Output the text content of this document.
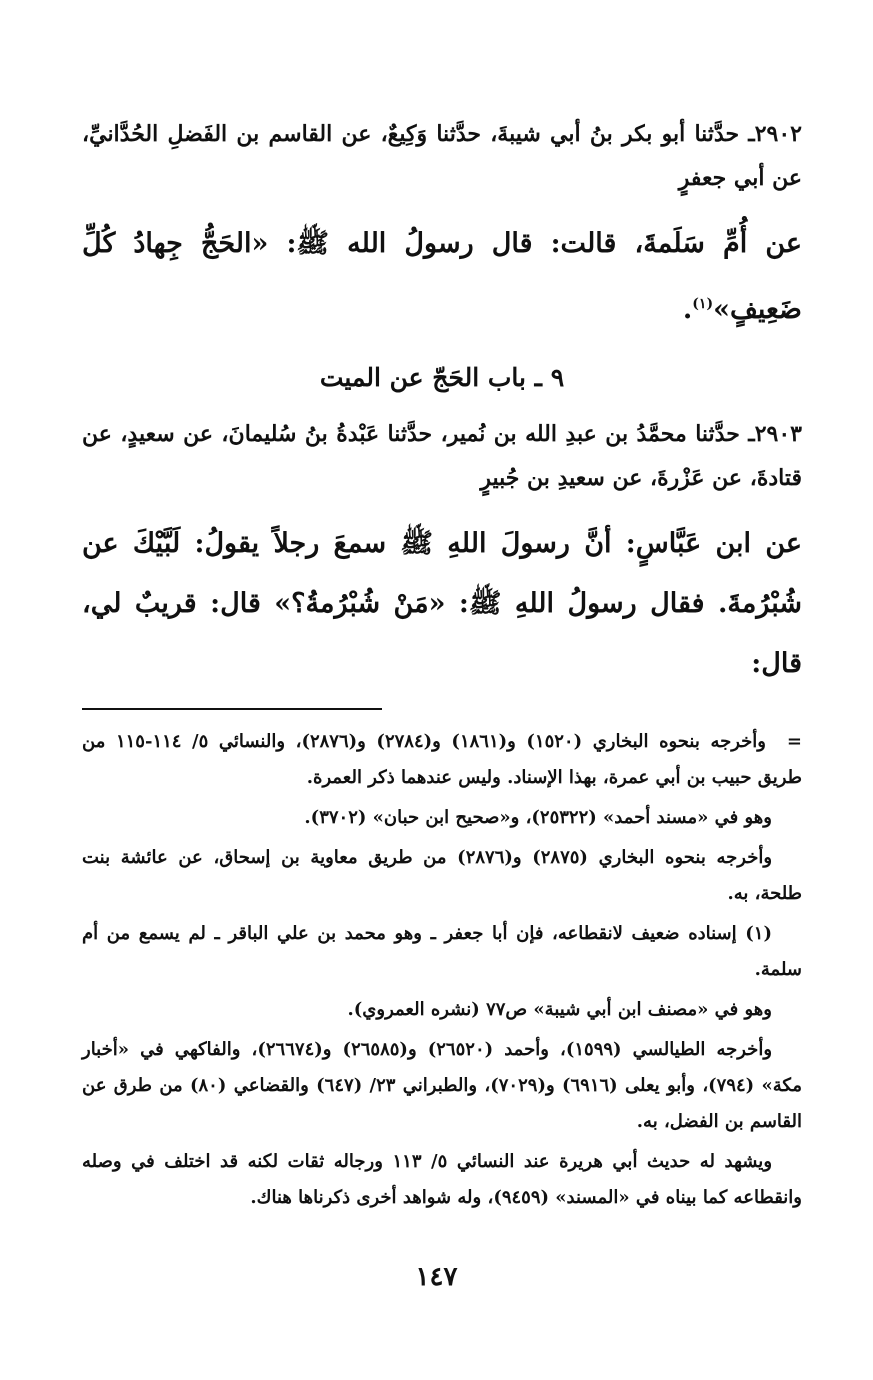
٢٩٠٢ـ حدَّثنا أبو بكر بنُ أبي شيبةَ، حدَّثنا وَكِيعٌ، عن القاسم بن الفَضلِ الحُدَّانيِّ، عن أبي جعفرٍ

عن أُمِّ سَلَمةَ، قالت: قال رسولُ الله ﷺ: «الحَجُّ جِهادُ كُلِّ ضَعِيفٍ»$^{(١)}$.

٩ ـ باب الحَجّ عن الميت

٢٩٠٣ـ حدَّثنا محمَّدُ بن عبدِ الله بن نُمير، حدَّثنا عَبْدةُ بنُ سُليمانَ، عن سعيدٍ، عن قتادةَ، عن عَزْرةَ، عن سعيدِ بن جُبيرٍ

عن ابن عَبَّاسٍ: أنَّ رسولَ اللهِ ﷺ سمعَ رجلاً يقولُ: لَبَّيْكَ عن شُبْرُمةَ. فقال رسولُ اللهِ ﷺ: «مَنْ شُبْرُمةُ؟» قال: قريبٌ لي، قال:

=وأخرجه بنحوه البخاري (١٥٢٠) و(١٨٦١) و(٢٧٨٤) و(٢٨٧٦)، والنسائي ٥/ ١١٤-١١٥ من طريق حبيب بن أبي عمرة، بهذا الإسناد. وليس عندهما ذكر العمرة.

وهو في «مسند أحمد» (٢٥٣٢٢)، و«صحيح ابن حبان» (٣٧٠٢).

وأخرجه بنحوه البخاري (٢٨٧٥) و(٢٨٧٦) من طريق معاوية بن إسحاق، عن عائشة بنت طلحة، به.

(١) إسناده ضعيف لانقطاعه، فإن أبا جعفر ـ وهو محمد بن علي الباقر ـ لم يسمع من أم سلمة.

وهو في «مصنف ابن أبي شيبة» ص٧٧ (نشره العمروي).

وأخرجه الطيالسي (١٥٩٩)، وأحمد (٢٦٥٢٠) و(٢٦٥٨٥) و(٢٦٦٧٤)، والفاكهي في «أخبار مكة» (٧٩٤)، وأبو يعلى (٦٩١٦) و(٧٠٢٩)، والطبراني ٢٣/ (٦٤٧) والقضاعي (٨٠) من طرق عن القاسم بن الفضل، به.

ويشهد له حديث أبي هريرة عند النسائي ٥/ ١١٣ ورجاله ثقات لكنه قد اختلف في وصله وانقطاعه كما بيناه في «المسند» (٩٤٥٩)، وله شواهد أخرى ذكرناها هناك.

١٤٧
